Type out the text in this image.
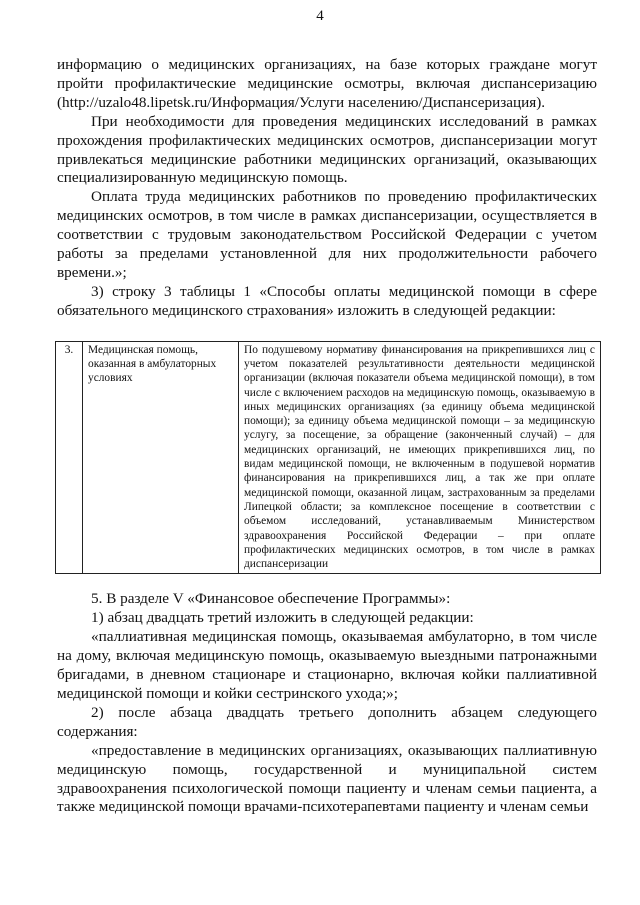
4

информацию о медицинских организациях, на базе которых граждане могут пройти профилактические медицинские осмотры, включая диспансеризацию (http://uzalo48.lipetsk.ru/Информация/Услуги населению/Диспансеризация).

При необходимости для проведения медицинских исследований в рамках прохождения профилактических медицинских осмотров, диспансеризации могут привлекаться медицинские работники медицинских организаций, оказывающих специализированную медицинскую помощь.

Оплата труда медицинских работников по проведению профилактических медицинских осмотров, в том числе в рамках диспансеризации, осуществляется в соответствии с трудовым законодательством Российской Федерации с учетом работы за пределами установленной для них продолжительности рабочего времени.»;

3) строку 3 таблицы 1 «Способы оплаты медицинской помощи в сфере обязательного медицинского страхования» изложить в следующей редакции:

3.	Медицинская помощь, оказанная в амбулаторных условиях	По подушевому нормативу финансирования на прикрепившихся лиц с учетом показателей результативности деятельности медицинской организации (включая показатели объема медицинской помощи), в том числе с включением расходов на медицинскую помощь, оказываемую в иных медицинских организациях (за единицу объема медицинской помощи); за единицу объема медицинской помощи – за медицинскую услугу, за посещение, за обращение (законченный случай) – для медицинских организаций, не имеющих прикрепившихся лиц, по видам медицинской помощи, не включенным в подушевой норматив финансирования на прикрепившихся лиц, а так же при оплате медицинской помощи, оказанной лицам, застрахованным за пределами Липецкой области; за комплексное посещение в соответствии с объемом исследований, устанавливаемым Министерством здравоохранения Российской Федерации – при оплате профилактических медицинских осмотров, в том числе в рамках диспансеризации

5. В разделе V «Финансовое обеспечение Программы»:

1) абзац двадцать третий изложить в следующей редакции:

«паллиативная медицинская помощь, оказываемая амбулаторно, в том числе на дому, включая медицинскую помощь, оказываемую выездными патронажными бригадами, в дневном стационаре и стационарно, включая койки паллиативной медицинской помощи и койки сестринского ухода;»;

2) после абзаца двадцать третьего дополнить абзацем следующего содержания:

«предоставление в медицинских организациях, оказывающих паллиативную медицинскую помощь, государственной и муниципальной систем здравоохранения психологической помощи пациенту и членам семьи пациента, а также медицинской помощи врачами-психотерапевтами пациенту и членам семьи
